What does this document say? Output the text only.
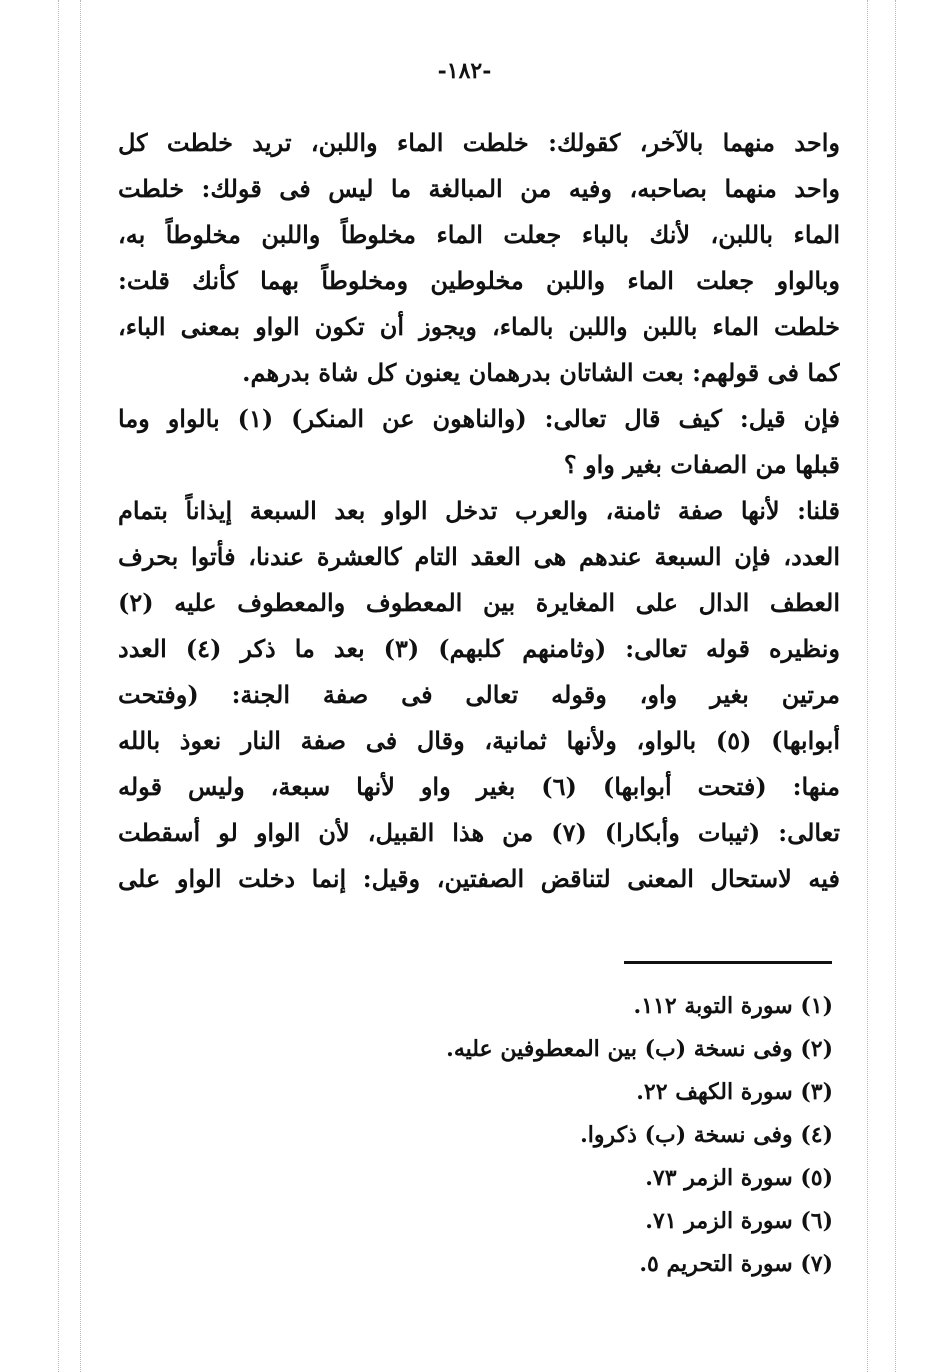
-١٨٢-
واحد منهما بالآخر، كقولك: خلطت الماء واللبن، تريد خلطت كل
واحد منهما بصاحبه، وفيه من المبالغة ما ليس فى قولك: خلطت
الماء باللبن، لأنك بالباء جعلت الماء مخلوطاً واللبن مخلوطاً به،
وبالواو جعلت الماء واللبن مخلوطين ومخلوطاً بهما كأنك قلت:
خلطت الماء باللبن واللبن بالماء، ويجوز أن تكون الواو بمعنى الباء،
كما فى قولهم: بعت الشاتان بدرهمان يعنون كل شاة بدرهم.
فإن قيل: كيف قال تعالى: (والناهون عن المنكر) (١) بالواو وما
قبلها من الصفات بغير واو ؟
قلنا: لأنها صفة ثامنة، والعرب تدخل الواو بعد السبعة إيذاناً بتمام
العدد، فإن السبعة عندهم هى العقد التام كالعشرة عندنا، فأتوا بحرف
العطف الدال على المغايرة بين المعطوف والمعطوف عليه (٢)
ونظيره قوله تعالى: (وثامنهم كلبهم) (٣) بعد ما ذكر (٤) العدد
مرتين بغير واو، وقوله تعالى فى صفة الجنة: (وفتحت
أبوابها) (٥) بالواو، ولأنها ثمانية، وقال فى صفة النار نعوذ بالله
منها: (فتحت أبوابها) (٦) بغير واو لأنها سبعة، وليس قوله
تعالى: (ثيبات وأبكارا) (٧) من هذا القبيل، لأن الواو لو أسقطت
فيه لاستحال المعنى لتناقض الصفتين، وقيل: إنما دخلت الواو على
(١) سورة التوبة ١١٢.
(٢) وفى نسخة (ب) بين المعطوفين عليه.
(٣) سورة الكهف ٢٢.
(٤) وفى نسخة (ب) ذكروا.
(٥) سورة الزمر ٧٣.
(٦) سورة الزمر ٧١.
(٧) سورة التحريم ٥.
